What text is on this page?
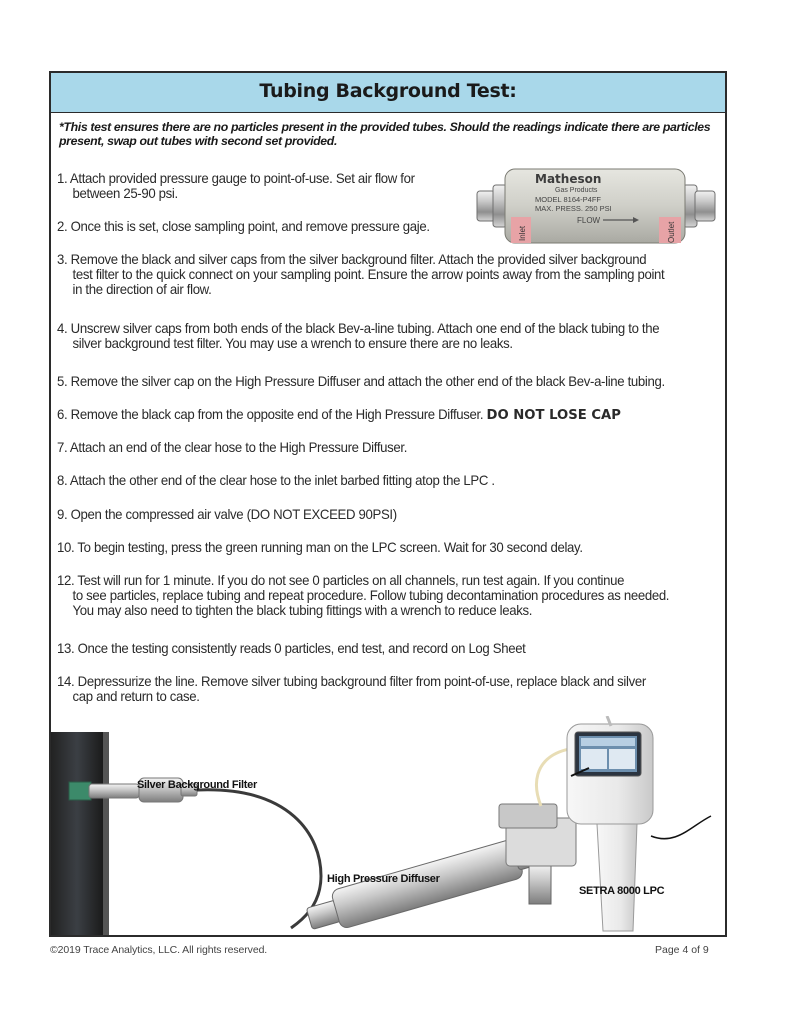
Tubing Background Test:
*This test ensures there are no particles present in the provided tubes. Should the readings indicate there are particles present, swap out tubes with second set provided.
1. Attach provided pressure gauge to point-of-use. Set air flow for
between 25-90 psi.
2. Once this is set, close sampling point, and remove pressure gaje.
3. Remove the black and silver caps from the silver background filter. Attach the provided silver background
test filter to the quick connect on your sampling point. Ensure the arrow points away from the sampling point in the direction of air flow.
4. Unscrew silver caps from both ends of the black Bev-a-line tubing. Attach one end of the black tubing to the
silver background test filter. You may use a wrench to ensure there are no leaks.
5. Remove the silver cap on the High Pressure Diffuser and attach the other end of the black Bev-a-line tubing.
6. Remove the black cap from the opposite end of the High Pressure Diffuser. DO NOT LOSE CAP
7. Attach an end of the clear hose to the High Pressure Diffuser.
8. Attach the other end of the clear hose to the inlet barbed fitting atop the LPC .
9. Open the compressed air valve (DO NOT EXCEED 90PSI)
10. To begin testing, press the green running man on the LPC screen. Wait for 30 second delay.
12. Test will run for 1 minute. If you do not see 0 particles on all channels, run test again. If you continue
to see particles, replace tubing and repeat procedure. Follow tubing decontamination procedures as needed. You may also need to tighten the black tubing fittings with a wrench to reduce leaks.
13. Once the testing consistently reads 0 particles, end test, and record on Log Sheet
14. Depressurize the line. Remove silver tubing background filter from point-of-use, replace black and silver
cap and return to case.
Matheson
Gas Products
MODEL 8164-P4FF
MAX. PRESS. 250 PSI
FLOW
Inlet	Outlet
Silver Background Filter
High Pressure Diffuser
SETRA 8000 LPC
©2019 Trace Analytics, LLC. All rights reserved.	Page 4 of 9
